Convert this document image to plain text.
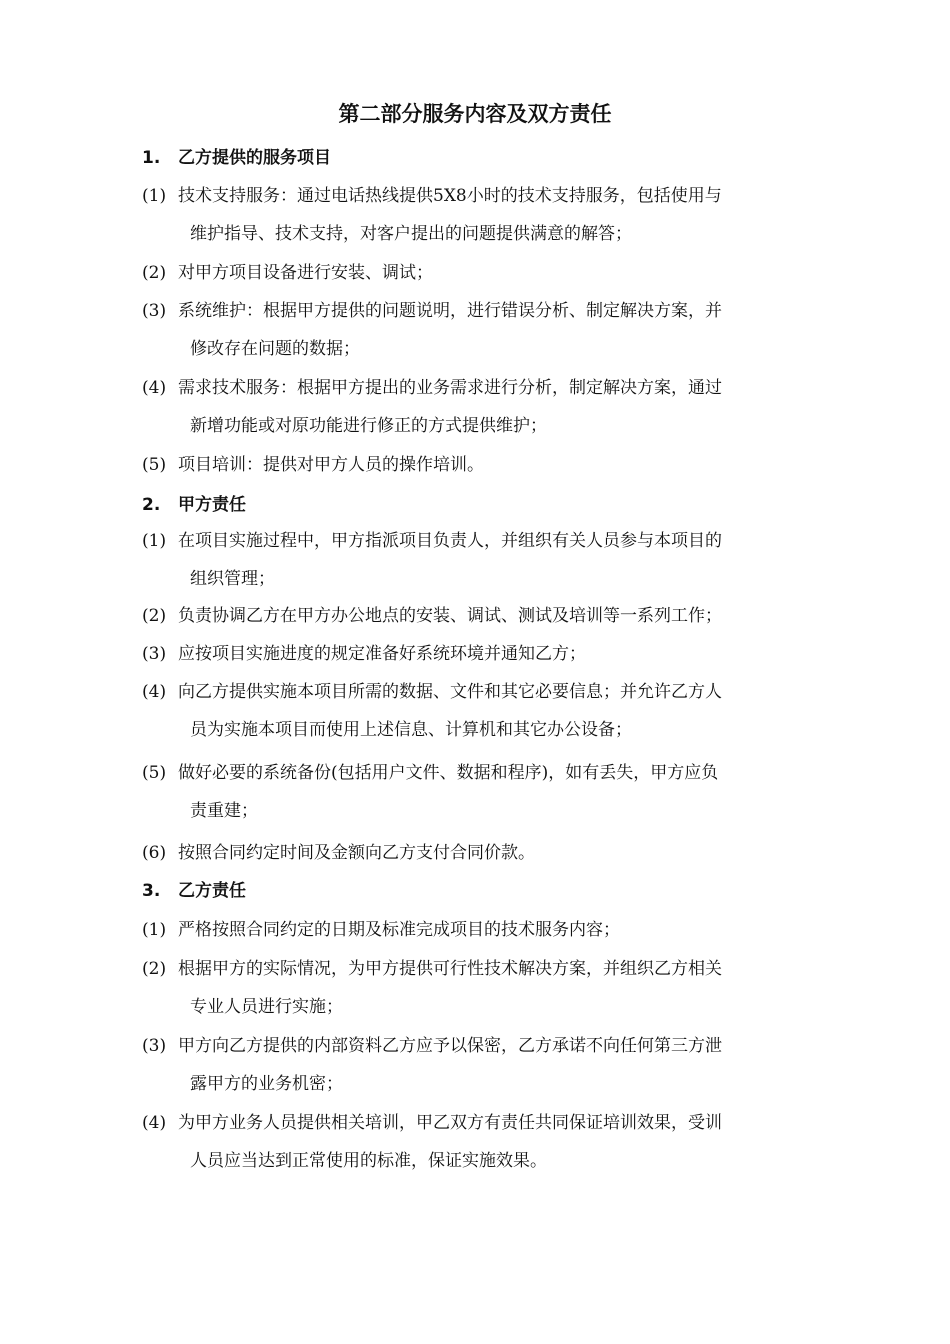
第二部分服务内容及双方责任
1. 乙方提供的服务项目
(1) 技术支持服务：通过电话热线提供5X8小时的技术支持服务，包括使用与
维护指导、技术支持，对客户提出的问题提供满意的解答；
(2) 对甲方项目设备进行安装、调试；
(3) 系统维护：根据甲方提供的问题说明，进行错误分析、制定解决方案，并
修改存在问题的数据；
(4) 需求技术服务：根据甲方提出的业务需求进行分析，制定解决方案，通过
新增功能或对原功能进行修正的方式提供维护；
(5) 项目培训：提供对甲方人员的操作培训。
2. 甲方责任
(1) 在项目实施过程中，甲方指派项目负责人，并组织有关人员参与本项目的
组织管理；
(2) 负责协调乙方在甲方办公地点的安装、调试、测试及培训等一系列工作；
(3) 应按项目实施进度的规定准备好系统环境并通知乙方；
(4) 向乙方提供实施本项目所需的数据、文件和其它必要信息；并允许乙方人
员为实施本项目而使用上述信息、计算机和其它办公设备；
(5) 做好必要的系统备份(包括用户文件、数据和程序)，如有丢失，甲方应负
责重建；
(6) 按照合同约定时间及金额向乙方支付合同价款。
3. 乙方责任
(1) 严格按照合同约定的日期及标准完成项目的技术服务内容；
(2) 根据甲方的实际情况，为甲方提供可行性技术解决方案，并组织乙方相关
专业人员进行实施；
(3) 甲方向乙方提供的内部资料乙方应予以保密，乙方承诺不向任何第三方泄
露甲方的业务机密；
(4) 为甲方业务人员提供相关培训，甲乙双方有责任共同保证培训效果，受训
人员应当达到正常使用的标准，保证实施效果。
